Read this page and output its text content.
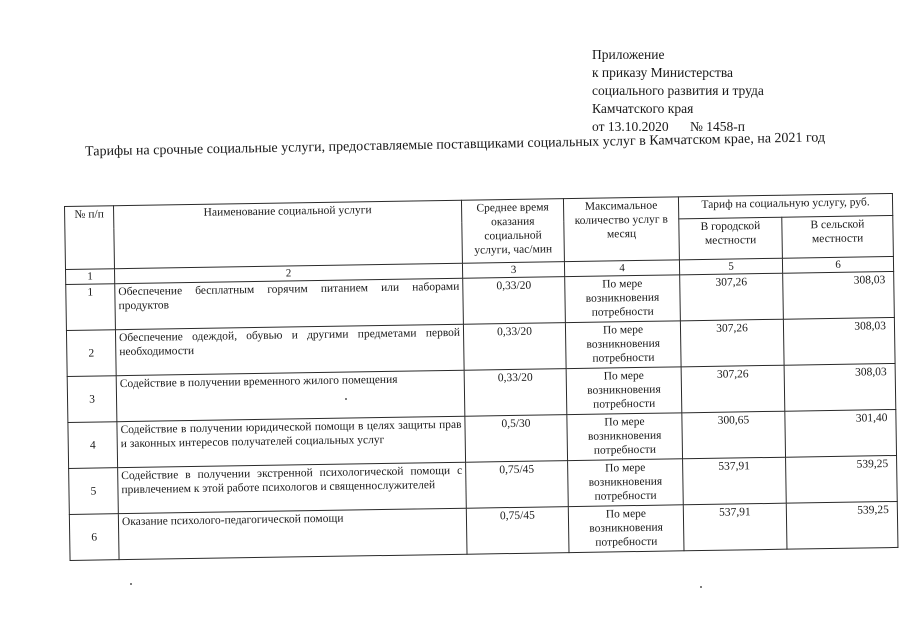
Приложение
к приказу Министерства
социального развития и труда
Камчатского края
от 13.10.2020 № 1458-п
Тарифы на срочные социальные услуги, предоставляемые поставщиками социальных услуг в Камчатском крае, на 2021 год
№ п/п	Наименование социальной услуги	Среднее время оказания социальной услуги, час/мин	Максимальное количество услуг в месяц	Тариф на социальную услугу, руб.	
				В городской местности	В сельской местности
1	2	3	4	5	6
1	Обеспечение бесплатным горячим питанием или наборами продуктов	0,33/20	По мере возникновения потребности	307,26	308,03
2	Обеспечение одеждой, обувью и другими предметами первой необходимости	0,33/20	По мере возникновения потребности	307,26	308,03
3	Содействие в получении временного жилого помещения	0,33/20	По мере возникновения потребности	307,26	308,03
4	Содействие в получении юридической помощи в целях защиты прав и законных интересов получателей социальных услуг	0,5/30	По мере возникновения потребности	300,65	301,40
5	Содействие в получении экстренной психологической помощи с привлечением к этой работе психологов и священнослужителей	0,75/45	По мере возникновения потребности	537,91	539,25
6	Оказание психолого-педагогической помощи	0,75/45	По мере возникновения потребности	537,91	539,25
